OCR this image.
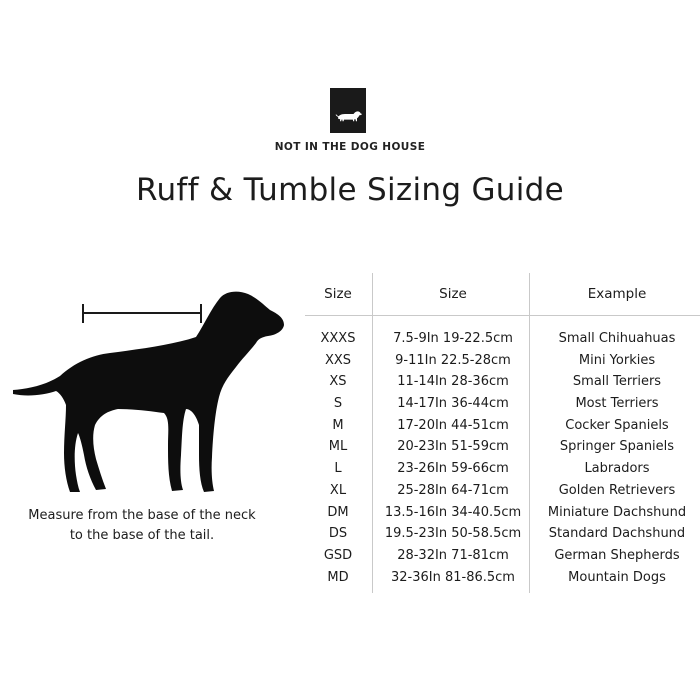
NOT IN THE DOG HOUSE
Ruff & Tumble Sizing Guide
Measure from the base of the neck
to the base of the tail.
Size	Size	Example
XXXS	7.5-9In 19-22.5cm	Small Chihuahuas
XXS	9-11In 22.5-28cm	Mini Yorkies
XS	11-14In 28-36cm	Small Terriers
S	14-17In 36-44cm	Most Terriers
M	17-20In 44-51cm	Cocker Spaniels
ML	20-23In 51-59cm	Springer Spaniels
L	23-26In 59-66cm	Labradors
XL	25-28In 64-71cm	Golden Retrievers
DM	13.5-16In 34-40.5cm	Miniature Dachshund
DS	19.5-23In 50-58.5cm	Standard Dachshund
GSD	28-32In 71-81cm	German Shepherds
MD	32-36In 81-86.5cm	Mountain Dogs
